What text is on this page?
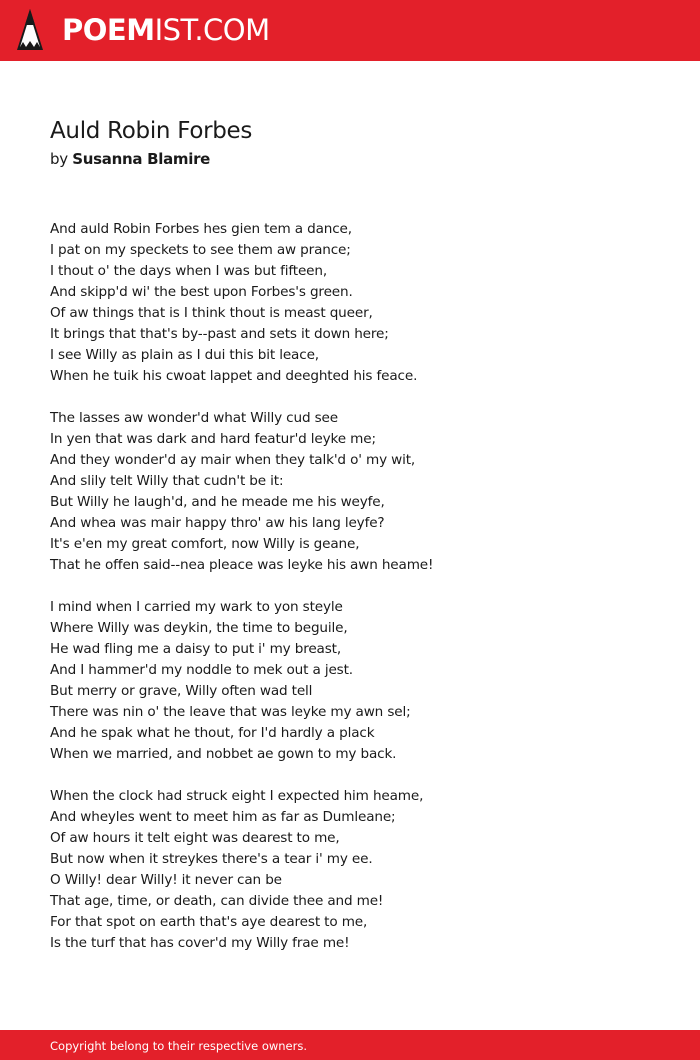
POEMIST.COM
Auld Robin Forbes
by Susanna Blamire
And auld Robin Forbes hes gien tem a dance,
I pat on my speckets to see them aw prance;
I thout o' the days when I was but fifteen,
And skipp'd wi' the best upon Forbes's green.
Of aw things that is I think thout is meast queer,
It brings that that's by--past and sets it down here;
I see Willy as plain as I dui this bit leace,
When he tuik his cwoat lappet and deeghted his feace.
The lasses aw wonder'd what Willy cud see
In yen that was dark and hard featur'd leyke me;
And they wonder'd ay mair when they talk'd o' my wit,
And slily telt Willy that cudn't be it:
But Willy he laugh'd, and he meade me his weyfe,
And whea was mair happy thro' aw his lang leyfe?
It's e'en my great comfort, now Willy is geane,
That he offen said--nea pleace was leyke his awn heame!
I mind when I carried my wark to yon steyle
Where Willy was deykin, the time to beguile,
He wad fling me a daisy to put i' my breast,
And I hammer'd my noddle to mek out a jest.
But merry or grave, Willy often wad tell
There was nin o' the leave that was leyke my awn sel;
And he spak what he thout, for I'd hardly a plack
When we married, and nobbet ae gown to my back.
When the clock had struck eight I expected him heame,
And wheyles went to meet him as far as Dumleane;
Of aw hours it telt eight was dearest to me,
But now when it streykes there's a tear i' my ee.
O Willy! dear Willy! it never can be
That age, time, or death, can divide thee and me!
For that spot on earth that's aye dearest to me,
Is the turf that has cover'd my Willy frae me!
Copyright belong to their respective owners.
